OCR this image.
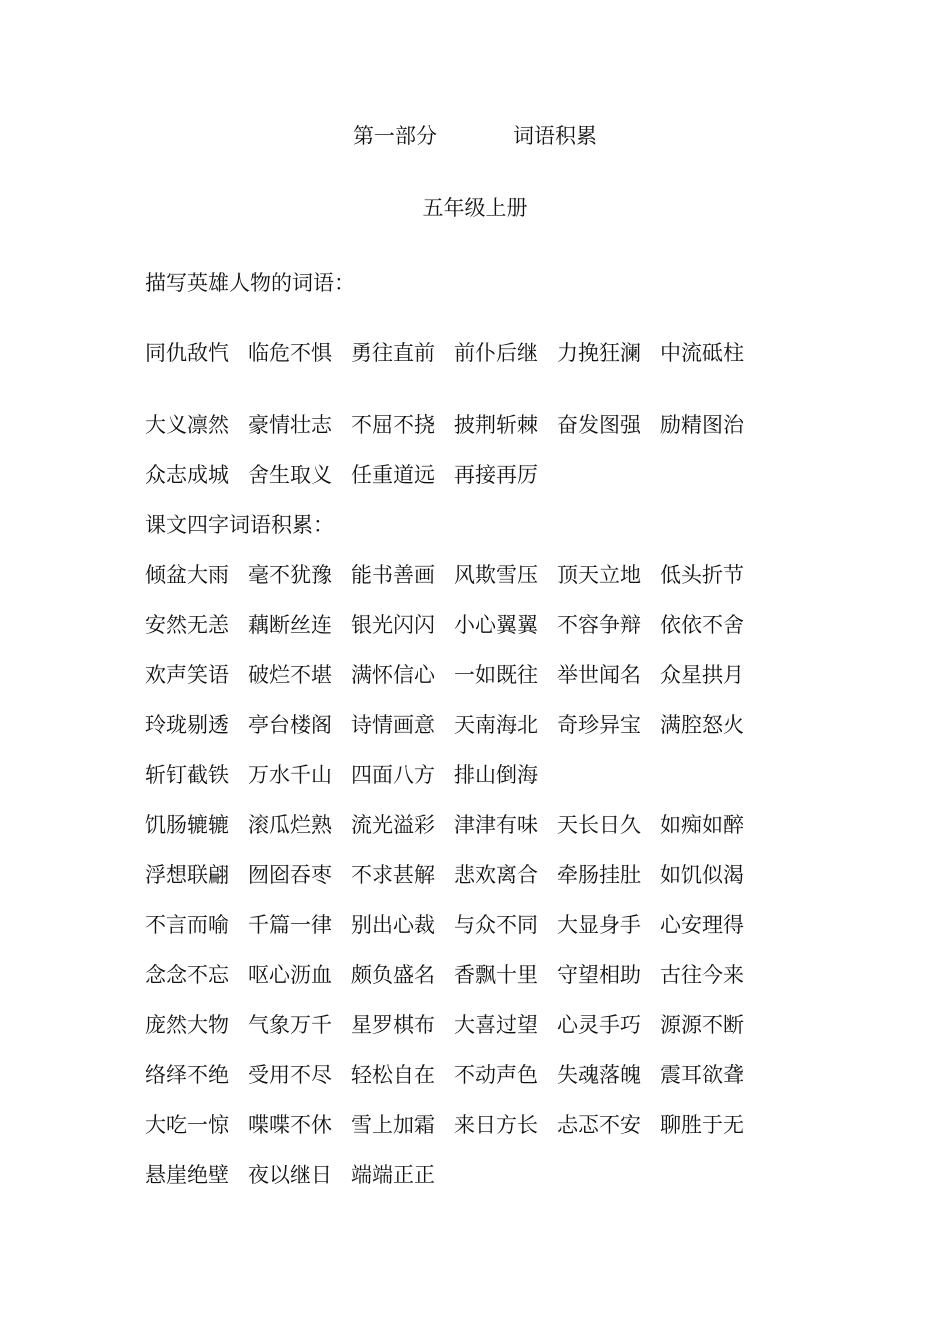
第一部分	词语积累
五年级上册
描写英雄人物的词语：
同仇敌忾 临危不惧 勇往直前 前仆后继 力挽狂澜 中流砥柱
大义凛然 豪情壮志 不屈不挠 披荆斩棘 奋发图强 励精图治
众志成城 舍生取义 任重道远 再接再厉
课文四字词语积累：
倾盆大雨 毫不犹豫 能书善画 风欺雪压 顶天立地 低头折节
安然无恙 藕断丝连 银光闪闪 小心翼翼 不容争辩 依依不舍
欢声笑语 破烂不堪 满怀信心 一如既往 举世闻名 众星拱月
玲珑剔透 亭台楼阁 诗情画意 天南海北 奇珍异宝 满腔怒火
斩钉截铁 万水千山 四面八方 排山倒海
饥肠辘辘 滚瓜烂熟 流光溢彩 津津有味 天长日久 如痴如醉
浮想联翩 囫囵吞枣 不求甚解 悲欢离合 牵肠挂肚 如饥似渴
不言而喻 千篇一律 别出心裁 与众不同 大显身手 心安理得
念念不忘 呕心沥血 颇负盛名 香飘十里 守望相助 古往今来
庞然大物 气象万千 星罗棋布 大喜过望 心灵手巧 源源不断
络绎不绝 受用不尽 轻松自在 不动声色 失魂落魄 震耳欲聋
大吃一惊 喋喋不休 雪上加霜 来日方长 忐忑不安 聊胜于无
悬崖绝壁 夜以继日 端端正正
